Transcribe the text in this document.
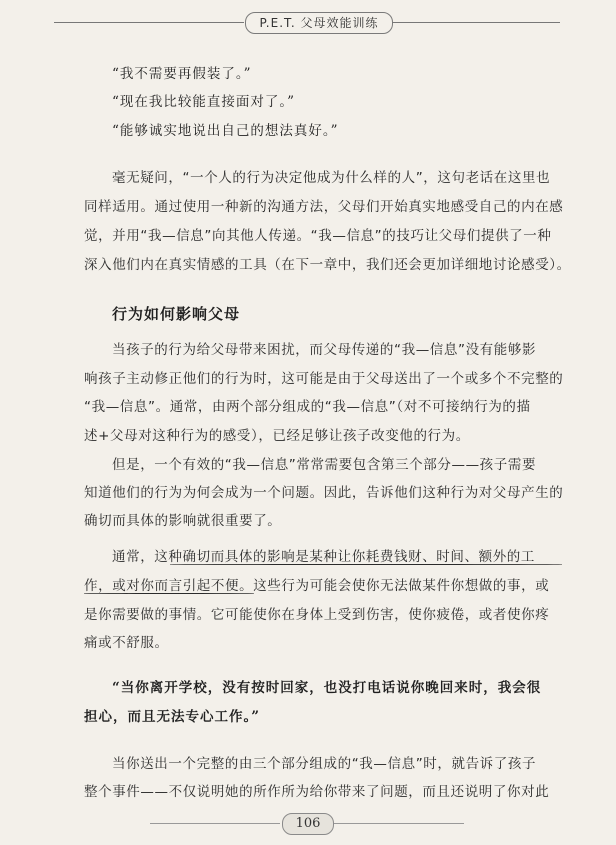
P.E.T. 父母效能训练
“我不需要再假装了。”
“现在我比较能直接面对了。”
“能够诚实地说出自己的想法真好。”
毫无疑问，“一个人的行为决定他成为什么样的人”，这句老话在这里也
同样适用。通过使用一种新的沟通方法，父母们开始真实地感受自己的内在感
觉，并用“我—信息”向其他人传递。“我—信息”的技巧让父母们提供了一种
深入他们内在真实情感的工具（在下一章中，我们还会更加详细地讨论感受）。
行为如何影响父母
当孩子的行为给父母带来困扰，而父母传递的“我—信息”没有能够影
响孩子主动修正他们的行为时，这可能是由于父母送出了一个或多个不完整的
“我—信息”。通常，由两个部分组成的“我—信息”（对不可接纳行为的描
述+父母对这种行为的感受），已经足够让孩子改变他的行为。
但是，一个有效的“我—信息”常常需要包含第三个部分——孩子需要
知道他们的行为为何会成为一个问题。因此，告诉他们这种行为对父母产生的
确切而具体的影响就很重要了。
通常，这种确切而具体的影响是某种让你耗费钱财、时间、额外的工
作，或对你而言引起不便。这些行为可能会使你无法做某件你想做的事，或
是你需要做的事情。它可能使你在身体上受到伤害，使你疲倦，或者使你疼
痛或不舒服。
“当你离开学校，没有按时回家，也没打电话说你晚回来时，我会很
担心，而且无法专心工作。”
当你送出一个完整的由三个部分组成的“我—信息”时，就告诉了孩子
整个事件——不仅说明她的所作所为给你带来了问题，而且还说明了你对此
106
